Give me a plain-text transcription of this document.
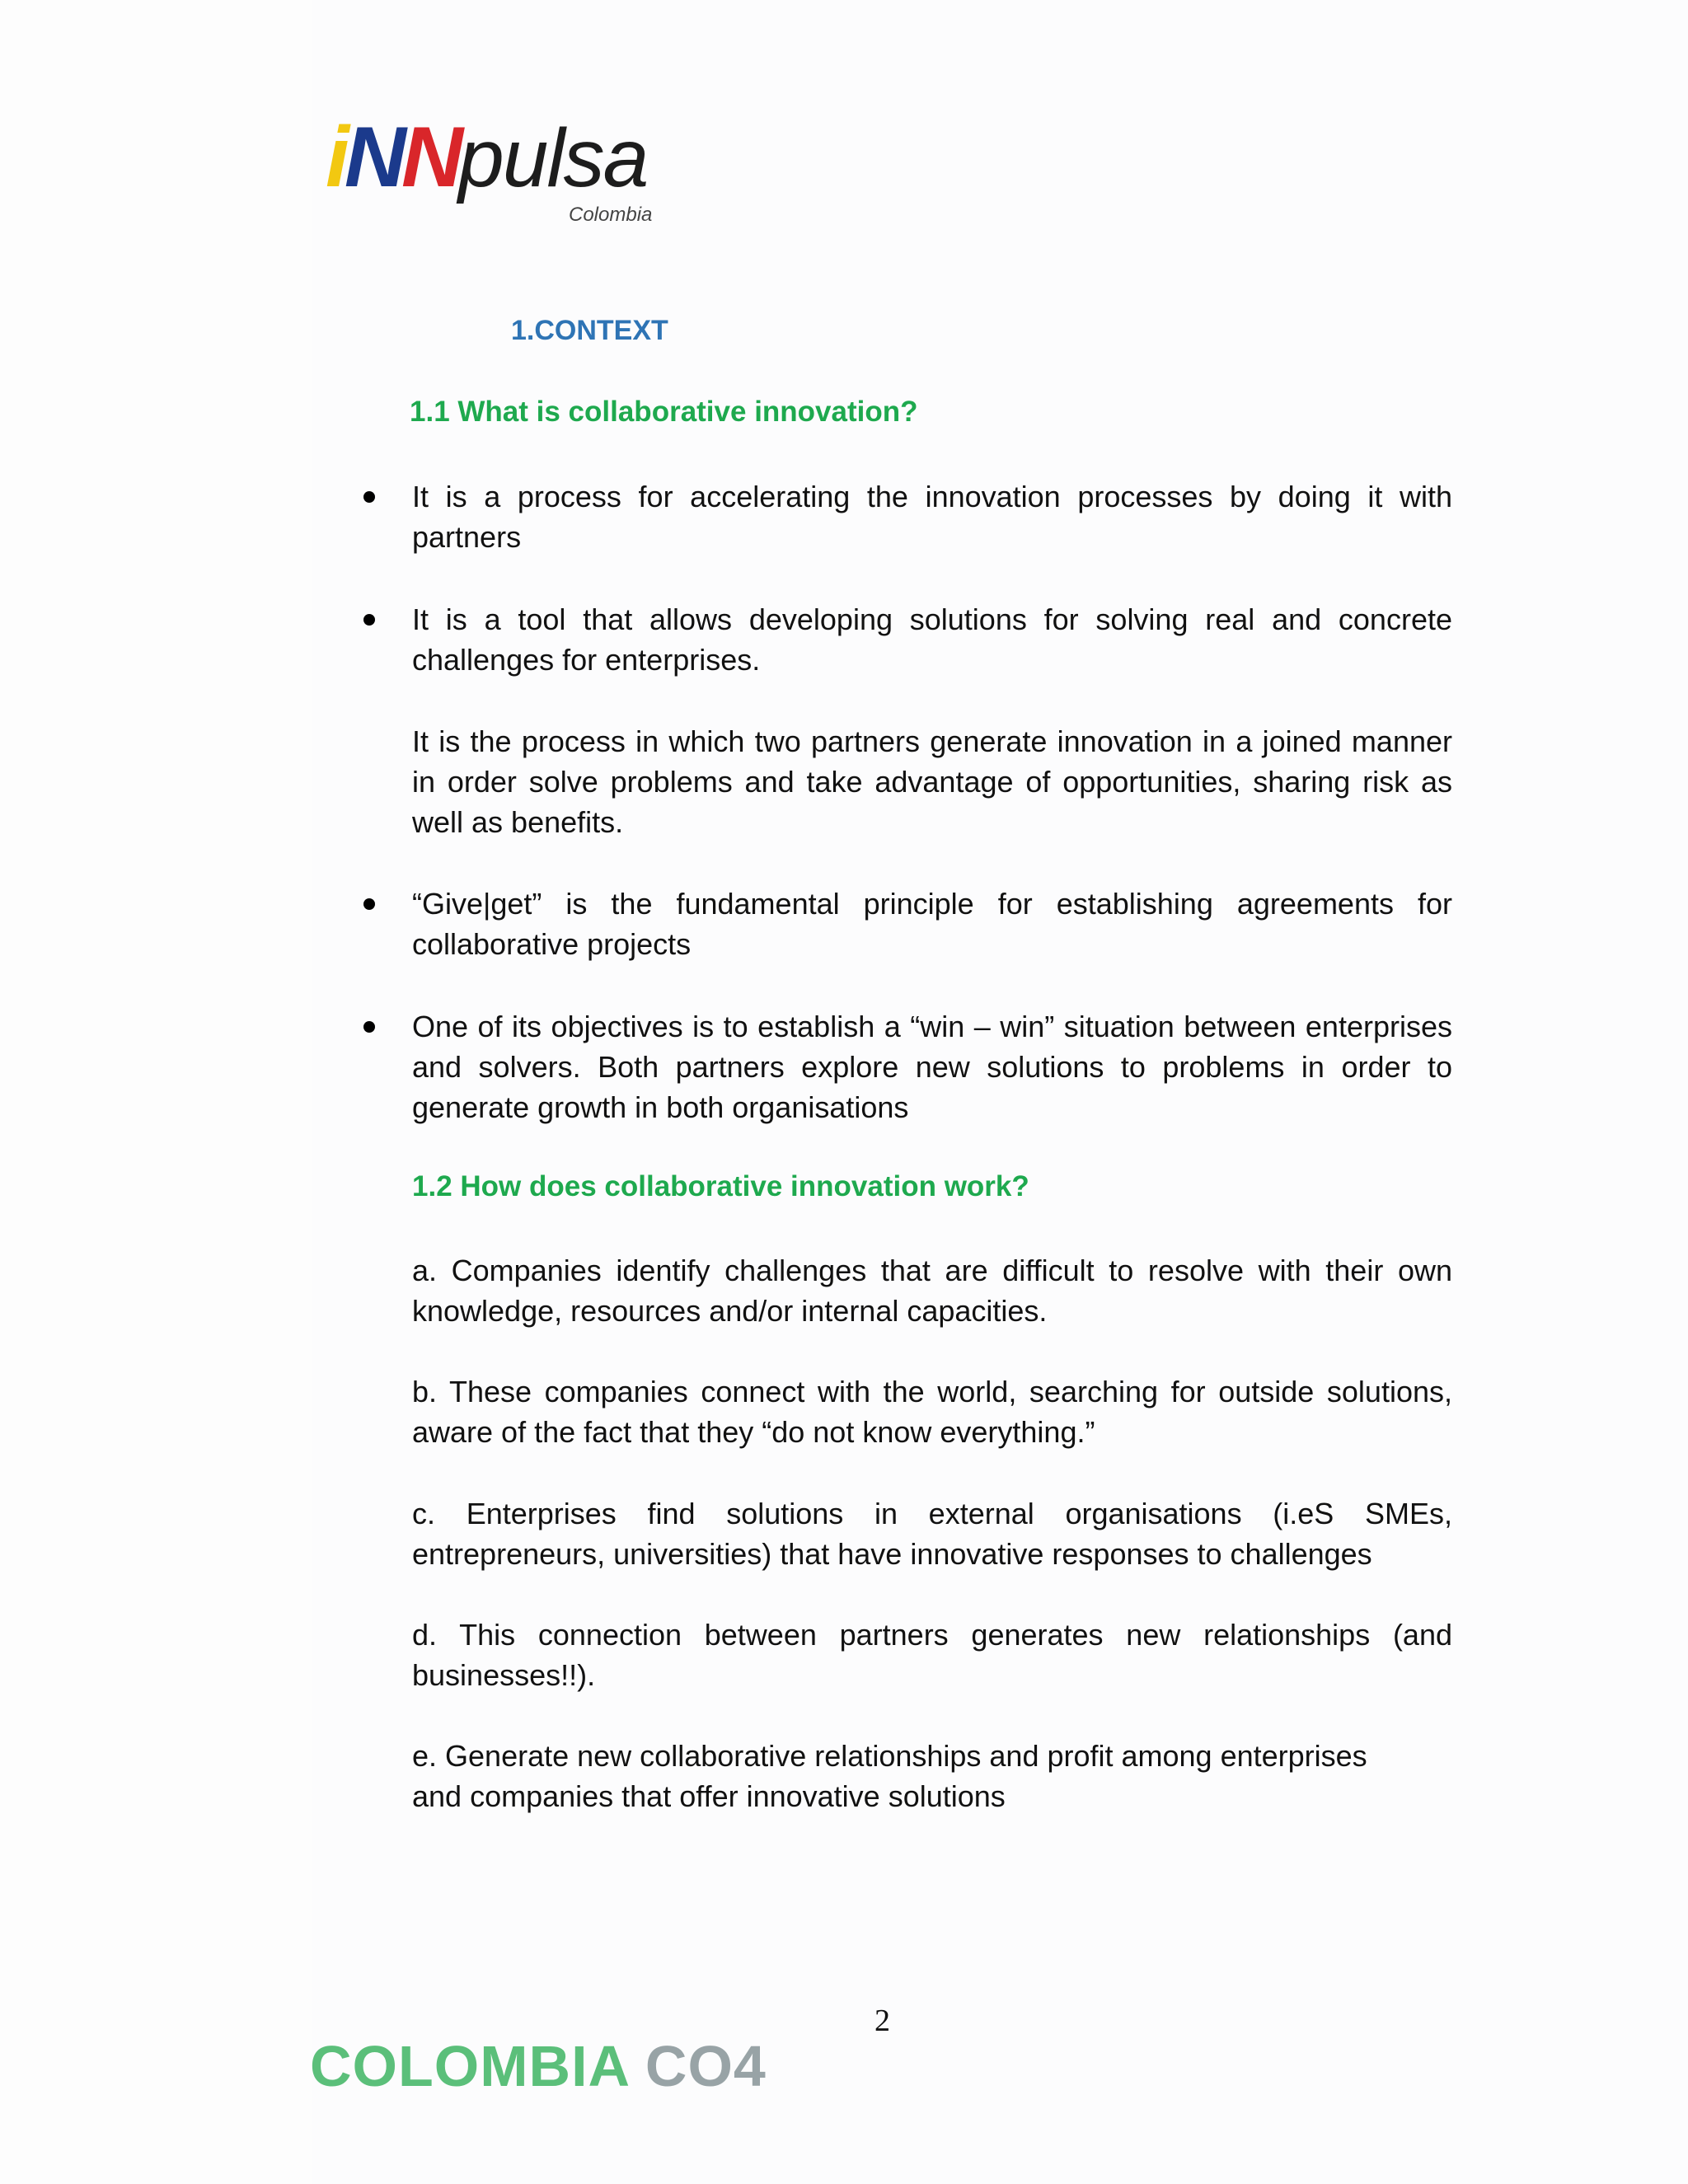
iNNpulsa
Colombia
1.CONTEXT
1.1 What is collaborative innovation?
It is a process for accelerating the innovation processes by doing it with partners
It is a tool that allows developing solutions for solving real and concrete challenges for enterprises.
It is the process in which two partners generate innovation in a joined manner in order solve problems and take advantage of opportunities, sharing risk as well as benefits.
“Give|get” is the fundamental principle for establishing agreements for collaborative projects
One of its objectives is to establish a “win – win” situation between enterprises and solvers. Both partners explore new solutions to problems in order to generate growth in both organisations
1.2 How does collaborative innovation work?
a. Companies identify challenges that are difficult to resolve with their own knowledge, resources and/or internal capacities.
b. These companies connect with the world, searching for outside solutions, aware of the fact that they “do not know everything.”
c. Enterprises find solutions in external organisations (i.eS SMEs, entrepreneurs, universities) that have innovative responses to challenges
d. This connection between partners generates new relationships (and businesses!!).
e. Generate new collaborative relationships and profit among enterprises and companies that offer innovative solutions
2
COLOMBIA CO4
